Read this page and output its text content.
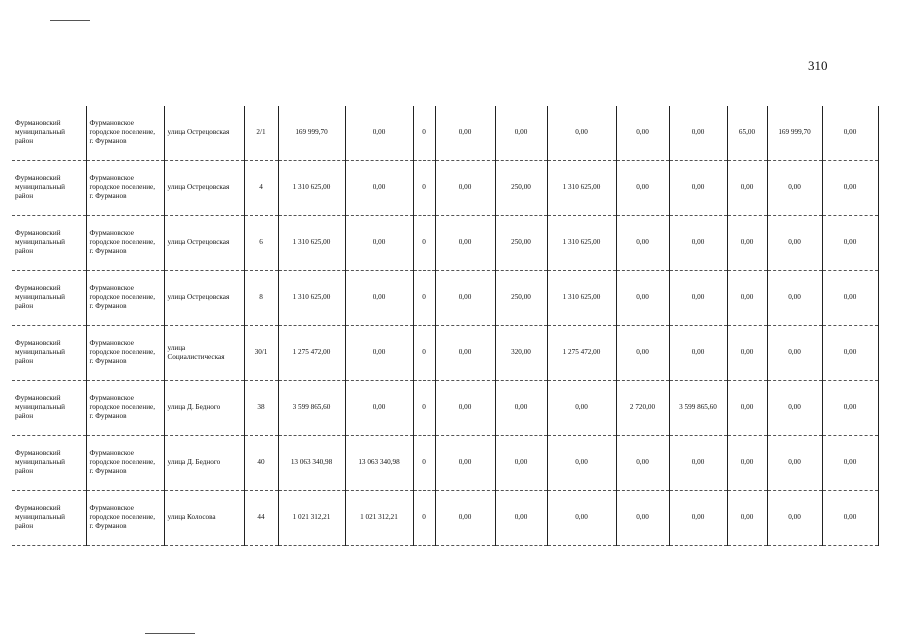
310
Фурмановский муниципальный район	Фурмановское городское поселение, г. Фурманов	улица Острецовская	2/1	169 999,70	0,00	0	0,00	0,00	0,00	0,00	0,00	65,00	169 999,70	0,00
Фурмановский муниципальный район	Фурмановское городское поселение, г. Фурманов	улица Острецовская	4	1 310 625,00	0,00	0	0,00	250,00	1 310 625,00	0,00	0,00	0,00	0,00	0,00
Фурмановский муниципальный район	Фурмановское городское поселение, г. Фурманов	улица Острецовская	6	1 310 625,00	0,00	0	0,00	250,00	1 310 625,00	0,00	0,00	0,00	0,00	0,00
Фурмановский муниципальный район	Фурмановское городское поселение, г. Фурманов	улица Острецовская	8	1 310 625,00	0,00	0	0,00	250,00	1 310 625,00	0,00	0,00	0,00	0,00	0,00
Фурмановский муниципальный район	Фурмановское городское поселение, г. Фурманов	улица Социалистическая	30/1	1 275 472,00	0,00	0	0,00	320,00	1 275 472,00	0,00	0,00	0,00	0,00	0,00
Фурмановский муниципальный район	Фурмановское городское поселение, г. Фурманов	улица Д. Бедного	38	3 599 865,60	0,00	0	0,00	0,00	0,00	2 720,00	3 599 865,60	0,00	0,00	0,00
Фурмановский муниципальный район	Фурмановское городское поселение, г. Фурманов	улица Д. Бедного	40	13 063 340,98	13 063 340,98	0	0,00	0,00	0,00	0,00	0,00	0,00	0,00	0,00
Фурмановский муниципальный район	Фурмановское городское поселение, г. Фурманов	улица Колосова	44	1 021 312,21	1 021 312,21	0	0,00	0,00	0,00	0,00	0,00	0,00	0,00	0,00
